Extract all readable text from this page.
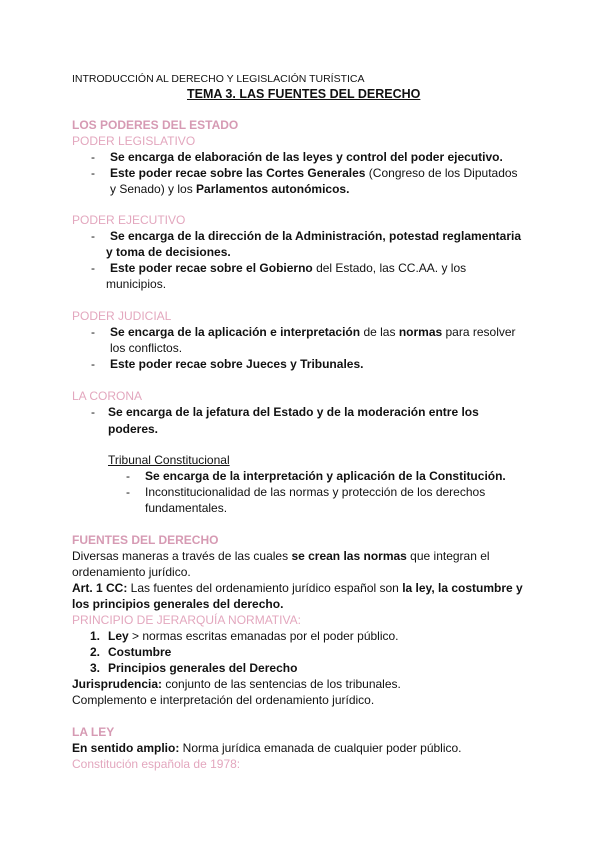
INTRODUCCIÓN AL DERECHO Y LEGISLACIÓN TURÍSTICA
TEMA 3. LAS FUENTES DEL DERECHO
LOS PODERES DEL ESTADO
PODER LEGISLATIVO
- Se encarga de elaboración de las leyes y control del poder ejecutivo.
- Este poder recae sobre las Cortes Generales (Congreso de los Diputados
y Senado) y los Parlamentos autonómicos.
PODER EJECUTIVO
- Se encarga de la dirección de la Administración, potestad reglamentaria
y toma de decisiones.
- Este poder recae sobre el Gobierno del Estado, las CC.AA. y los
municipios.
PODER JUDICIAL
- Se encarga de la aplicación e interpretación de las normas para resolver
los conflictos.
- Este poder recae sobre Jueces y Tribunales.
LA CORONA
- Se encarga de la jefatura del Estado y de la moderación entre los
poderes.
Tribunal Constitucional
- Se encarga de la interpretación y aplicación de la Constitución.
- Inconstitucionalidad de las normas y protección de los derechos
fundamentales.
FUENTES DEL DERECHO
Diversas maneras a través de las cuales se crean las normas que integran el
ordenamiento jurídico.
Art. 1 CC: Las fuentes del ordenamiento jurídico español son la ley, la costumbre y
los principios generales del derecho.
PRINCIPIO DE JERARQUÍA NORMATIVA:
1. Ley > normas escritas emanadas por el poder público.
2. Costumbre
3. Principios generales del Derecho
Jurisprudencia: conjunto de las sentencias de los tribunales.
Complemento e interpretación del ordenamiento jurídico.
LA LEY
En sentido amplio: Norma jurídica emanada de cualquier poder público.
Constitución española de 1978:
